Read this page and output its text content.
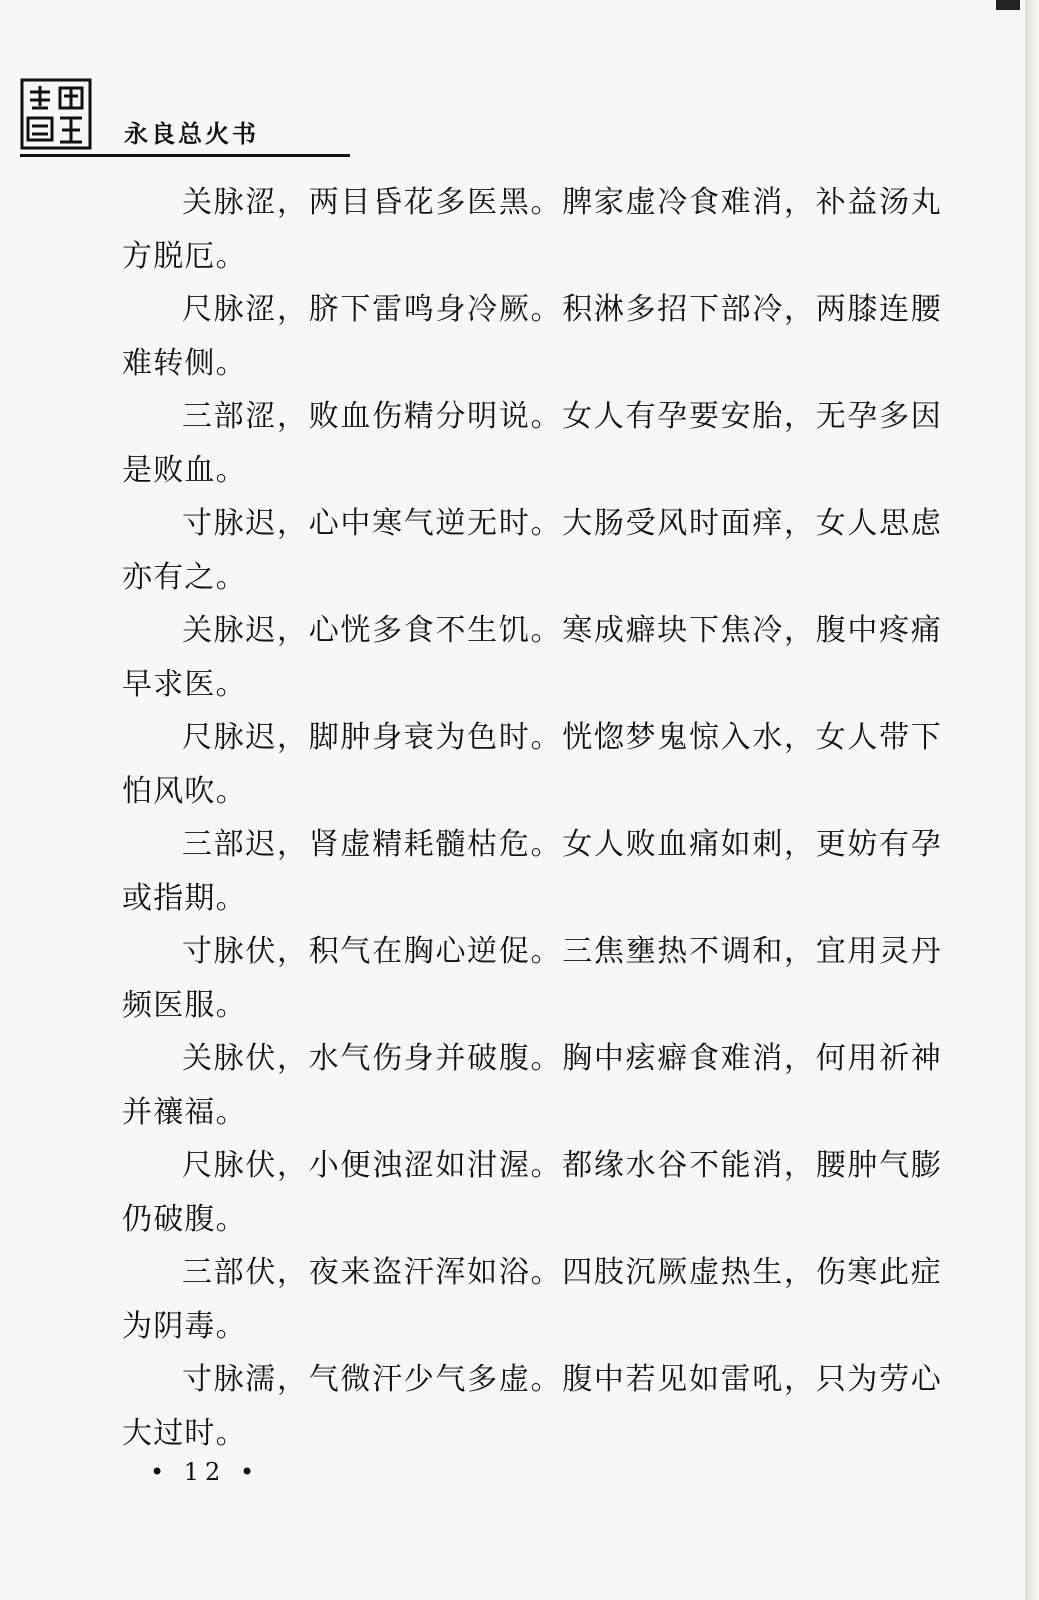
永良总火书

关脉涩，两目昏花多医黑。脾家虚冷食难消，补益汤丸方脱厄。

尺脉涩，脐下雷鸣身冷厥。积淋多招下部冷，两膝连腰难转侧。

三部涩，败血伤精分明说。女人有孕要安胎，无孕多因是败血。

寸脉迟，心中寒气逆无时。大肠受风时面痒，女人思虑亦有之。

关脉迟，心恍多食不生饥。寒成癖块下焦冷，腹中疼痛早求医。

尺脉迟，脚肿身衰为色时。恍惚梦鬼惊入水，女人带下怕风吹。

三部迟，肾虚精耗髓枯危。女人败血痛如刺，更妨有孕或指期。

寸脉伏，积气在胸心逆促。三焦壅热不调和，宜用灵丹频医服。

关脉伏，水气伤身并破腹。胸中痃癖食难消，何用祈神并禳福。

尺脉伏，小便浊涩如泔渥。都缘水谷不能消，腰肿气膨仍破腹。

三部伏，夜来盗汗浑如浴。四肢沉厥虚热生，伤寒此症为阴毒。

寸脉濡，气微汗少气多虚。腹中若见如雷吼，只为劳心大过时。

• 12 •
